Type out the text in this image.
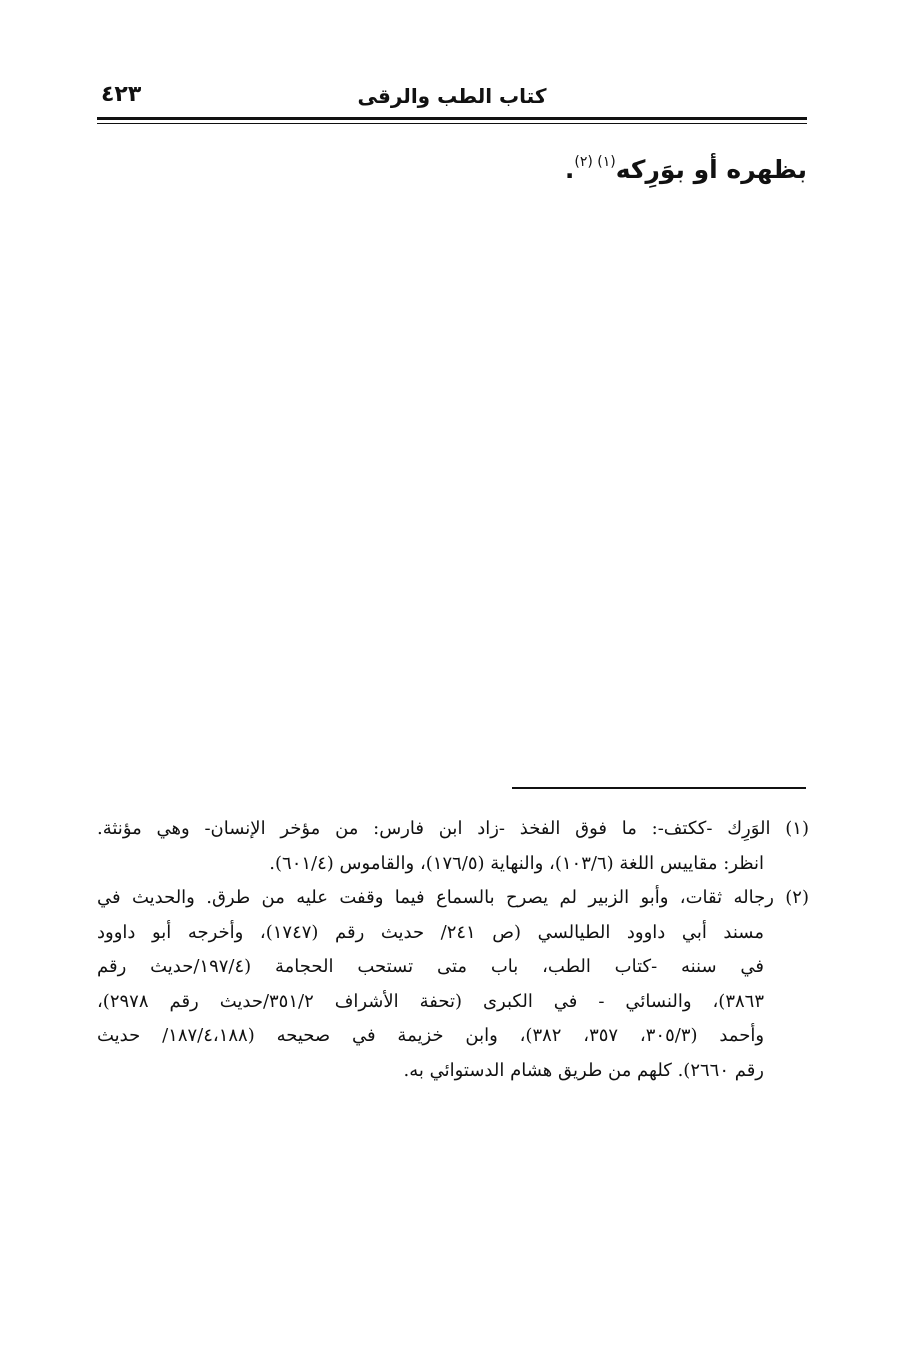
كتاب الطب والرقى
٤٢٣
بظهره أو بوَرِكه$^{(١) (٢)}$.
(١) الوَرِك -ككتف-: ما فوق الفخذ -زاد ابن فارس: من مؤخر الإنسان- وهي مؤنثة.
انظر: مقاييس اللغة (١٠٣/٦)، والنهاية (١٧٦/٥)، والقاموس (٦٠١/٤).
(٢) رجاله ثقات، وأبو الزبير لم يصرح بالسماع فيما وقفت عليه من طرق. والحديث في
مسند أبي داوود الطيالسي (ص ٢٤١/ حديث رقم (١٧٤٧)، وأخرجه أبو داوود
في سننه -كتاب الطب، باب متى تستحب الحجامة (١٩٧/٤/حديث رقم
٣٨٦٣)، والنسائي - في الكبرى (تحفة الأشراف ٣٥١/٢/حديث رقم ٢٩٧٨)،
وأحمد (٣٠٥/٣، ٣٥٧، ٣٨٢)، وابن خزيمة في صحيحه (١٨٧/٤،١٨٨/ حديث
رقم ٢٦٦٠). كلهم من طريق هشام الدستوائي به.
